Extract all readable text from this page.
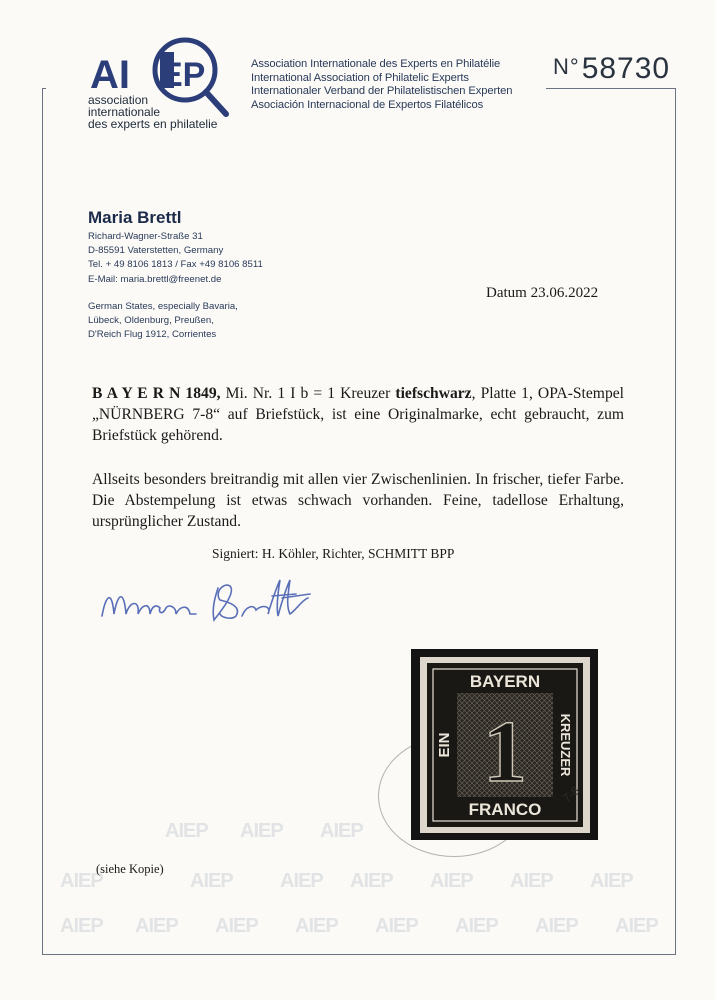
AIEP AIEP AIEP
AIEP	AIEP AIEP AIEP AIEP AIEP AIEP
AIEP AIEP AIEP AIEP AIEP AIEP AIEP AIEP
AI EP
association
internationale
des experts en philatelie
Association Internationale des Experts en Philatélie
International Association of Philatelic Experts
Internationaler Verband der Philatelistischen Experten
Asociación Internacional de Expertos Filatélicos
N°58730
Maria Brettl
Richard-Wagner-Straße 31
D-85591 Vaterstetten, Germany
Tel. + 49 8106 1813 / Fax +49 8106 8511
E-Mail: maria.brettl@freenet.de
German States, especially Bavaria,
Lübeck, Oldenburg, Preußen,
D'Reich Flug 1912, Corrientes
Datum 23.06.2022
B A Y E R N 1849, Mi. Nr. 1 I b = 1 Kreuzer tiefschwarz, Platte 1, OPA-Stempel „NÜRNBERG 7-8“ auf Briefstück, ist eine Originalmarke, echt gebraucht, zum Briefstück gehörend.
Allseits besonders breitrandig mit allen vier Zwischenlinien. In frischer, tiefer Farbe. Die Abstempelung ist etwas schwach vorhanden. Feine, tadellose Erhaltung, ursprünglicher Zustand.
Signiert: H. Köhler, Richter, SCHMITT BPP
BAYERN
FRANCO
EIN	KREUZER
1	7-8
(siehe Kopie)
